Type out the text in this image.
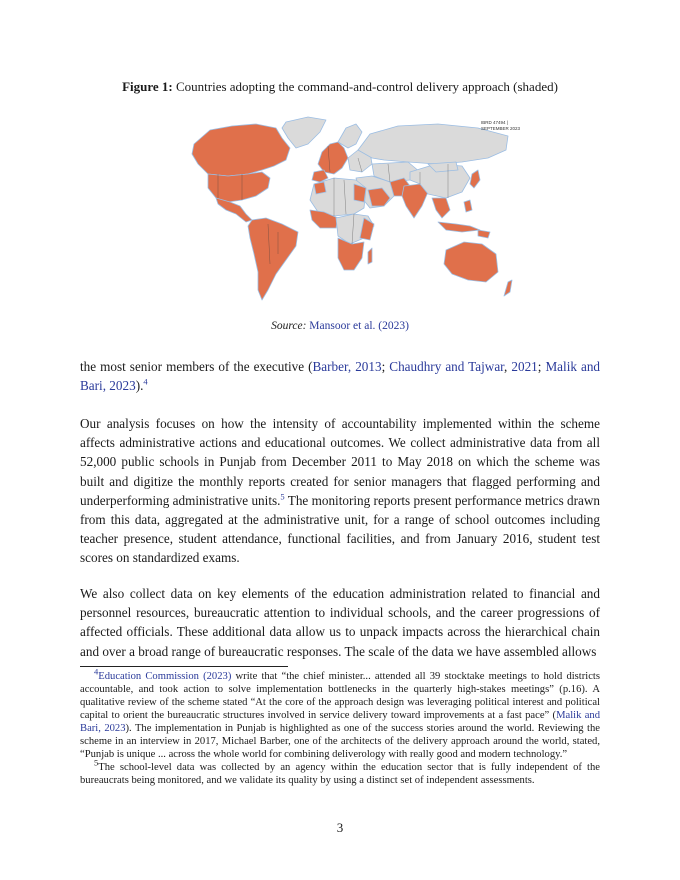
Figure 1: Countries adopting the command-and-control delivery approach (shaded)
IBRD 47494 |
SEPTEMBER 2023
Source: Mansoor et al. (2023)
the most senior members of the executive (Barber, 2013; Chaudhry and Tajwar, 2021; Malik and Bari, 2023).$^4$
Our analysis focuses on how the intensity of accountability implemented within the scheme affects administrative actions and educational outcomes. We collect administrative data from all 52,000 public schools in Punjab from December 2011 to May 2018 on which the scheme was built and digitize the monthly reports created for senior managers that flagged performing and underperforming administrative units.$^5$ The monitoring reports present performance metrics drawn from this data, aggregated at the administrative unit, for a range of school outcomes including teacher presence, student attendance, functional facilities, and from January 2016, student test scores on standardized exams.
We also collect data on key elements of the education administration related to financial and personnel resources, bureaucratic attention to individual schools, and the career progressions of affected officials. These additional data allow us to unpack impacts across the hierarchical chain and over a broad range of bureaucratic responses. The scale of the data we have assembled allows

$^4$Education Commission (2023) write that “the chief minister... attended all 39 stocktake meetings to hold districts accountable, and took action to solve implementation bottlenecks in the quarterly high-stakes meetings” (p.16). A qualitative review of the scheme stated “At the core of the approach design was leveraging political interest and political capital to orient the bureaucratic structures involved in service delivery toward improvements at a fast pace” (Malik and Bari, 2023). The implementation in Punjab is highlighted as one of the success stories around the world. Reviewing the scheme in an interview in 2017, Michael Barber, one of the architects of the delivery approach around the world, stated, “Punjab is unique ... across the whole world for combining deliverology with really good and modern technology.”

$^5$The school-level data was collected by an agency within the education sector that is fully independent of the bureaucrats being monitored, and we validate its quality by using a distinct set of independent assessments.

3
